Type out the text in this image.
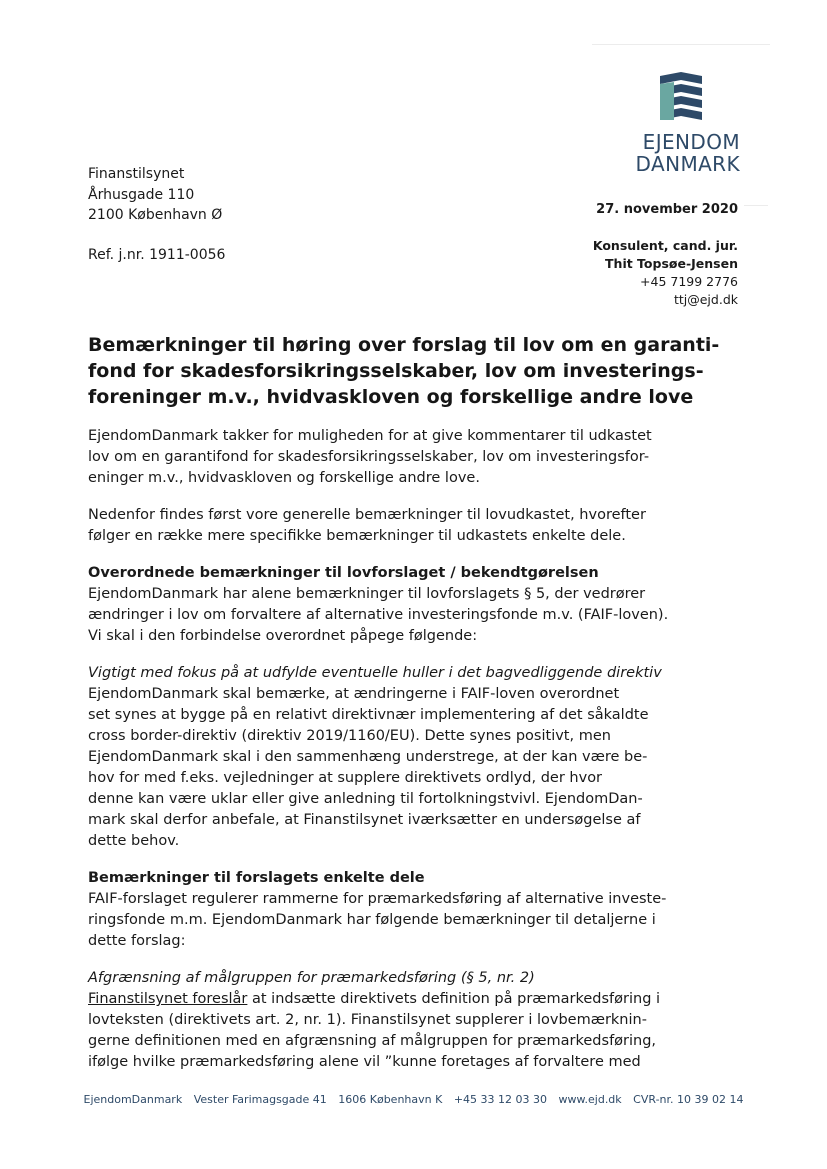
EJENDOM
DANMARK
Finanstilsynet
Århusgade 110
2100 København Ø
Ref. j.nr. 1911-0056
27. november 2020
Konsulent, cand. jur.
Thit Topsøe-Jensen
+45 7199 2776
ttj@ejd.dk
Bemærkninger til høring over forslag til lov om en garanti-
fond for skadesforsikringsselskaber, lov om investerings-
foreninger m.v., hvidvaskloven og forskellige andre love

EjendomDanmark takker for muligheden for at give kommentarer til udkastet
lov om en garantifond for skadesforsikringsselskaber, lov om investeringsfor-
eninger m.v., hvidvaskloven og forskellige andre love.

Nedenfor findes først vore generelle bemærkninger til lovudkastet, hvorefter
følger en række mere specifikke bemærkninger til udkastets enkelte dele.

Overordnede bemærkninger til lovforslaget / bekendtgørelsen
EjendomDanmark har alene bemærkninger til lovforslagets § 5, der vedrører
ændringer i lov om forvaltere af alternative investeringsfonde m.v. (FAIF-loven).
Vi skal i den forbindelse overordnet påpege følgende:

Vigtigt med fokus på at udfylde eventuelle huller i det bagvedliggende direktiv
EjendomDanmark skal bemærke, at ændringerne i FAIF-loven overordnet
set synes at bygge på en relativt direktivnær implementering af det såkaldte
cross border-direktiv (direktiv 2019/1160/EU). Dette synes positivt, men
EjendomDanmark skal i den sammenhæng understrege, at der kan være be-
hov for med f.eks. vejledninger at supplere direktivets ordlyd, der hvor
denne kan være uklar eller give anledning til fortolkningstvivl. EjendomDan-
mark skal derfor anbefale, at Finanstilsynet iværksætter en undersøgelse af
dette behov.

Bemærkninger til forslagets enkelte dele
FAIF-forslaget regulerer rammerne for præmarkedsføring af alternative investe-
ringsfonde m.m. EjendomDanmark har følgende bemærkninger til detaljerne i
dette forslag:

Afgrænsning af målgruppen for præmarkedsføring (§ 5, nr. 2)
Finanstilsynet foreslår at indsætte direktivets definition på præmarkedsføring i
lovteksten (direktivets art. 2, nr. 1). Finanstilsynet supplerer i lovbemærknin-
gerne definitionen med en afgrænsning af målgruppen for præmarkedsføring,
ifølge hvilke præmarkedsføring alene vil ”kunne foretages af forvaltere med

EjendomDanmark Vester Farimagsgade 41 1606 København K +45 33 12 03 30 www.ejd.dk CVR-nr. 10 39 02 14
